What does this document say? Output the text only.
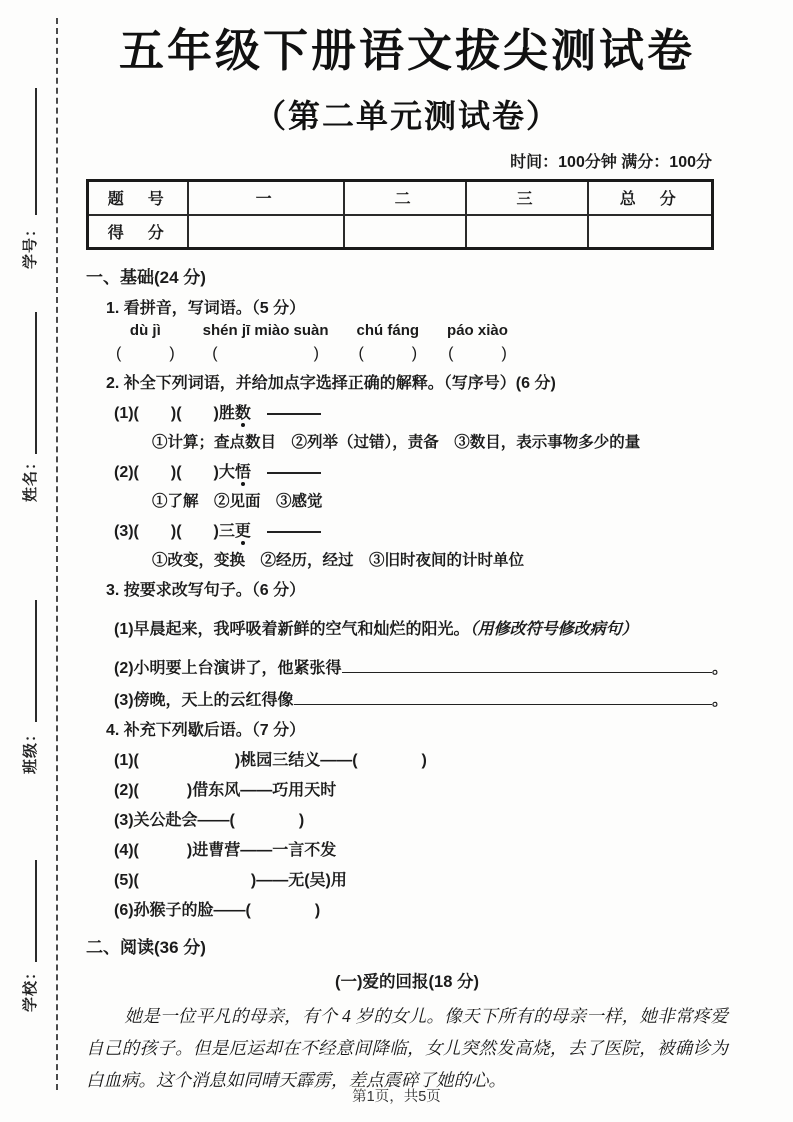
学校：
班级：
姓名：
学号：
五年级下册语文拔尖测试卷
（第二单元测试卷）
时间：100分钟 满分：100分
题　号	一	二	三	总　分
得　分				
一、基础(24 分)
1. 看拼音，写词语。（5 分）
dù jì
(　　　)
shén jī miào suàn
(　　　　　　)
chú fáng
(　　　)
páo xiào
(　　　)
2. 补全下列词语，并给加点字选择正确的解释。（写序号）(6 分)
(1)(　　)(　　)胜数
①计算；查点数目　②列举（过错），责备　③数目，表示事物多少的量
(2)(　　)(　　)大悟
①了解　②见面　③感觉
(3)(　　)(　　)三更
①改变，变换　②经历，经过　③旧时夜间的计时单位
3. 按要求改写句子。（6 分）
(1)早晨起来，我呼吸着新鲜的空气和灿烂的阳光。（用修改符号修改病句）
(2)小明要上台演讲了，他紧张得	。
(3)傍晚，天上的云红得像	。
4. 补充下列歇后语。（7 分）
(1)(　　　　　　)桃园三结义——(　　　　)
(2)(　　　)借东风——巧用天时
(3)关公赴会——(　　　　)
(4)(　　　)进曹营——一言不发
(5)(　　　　　　　)——无(吴)用
(6)孙猴子的脸——(　　　　)
二、阅读(36 分)
(一)爱的回报(18 分)
她是一位平凡的母亲，有个 4 岁的女儿。像天下所有的母亲一样，她非常疼爱自己的孩子。但是厄运却在不经意间降临，女儿突然发高烧，去了医院，被确诊为白血病。这个消息如同晴天霹雳，差点震碎了她的心。
第1页，共5页
